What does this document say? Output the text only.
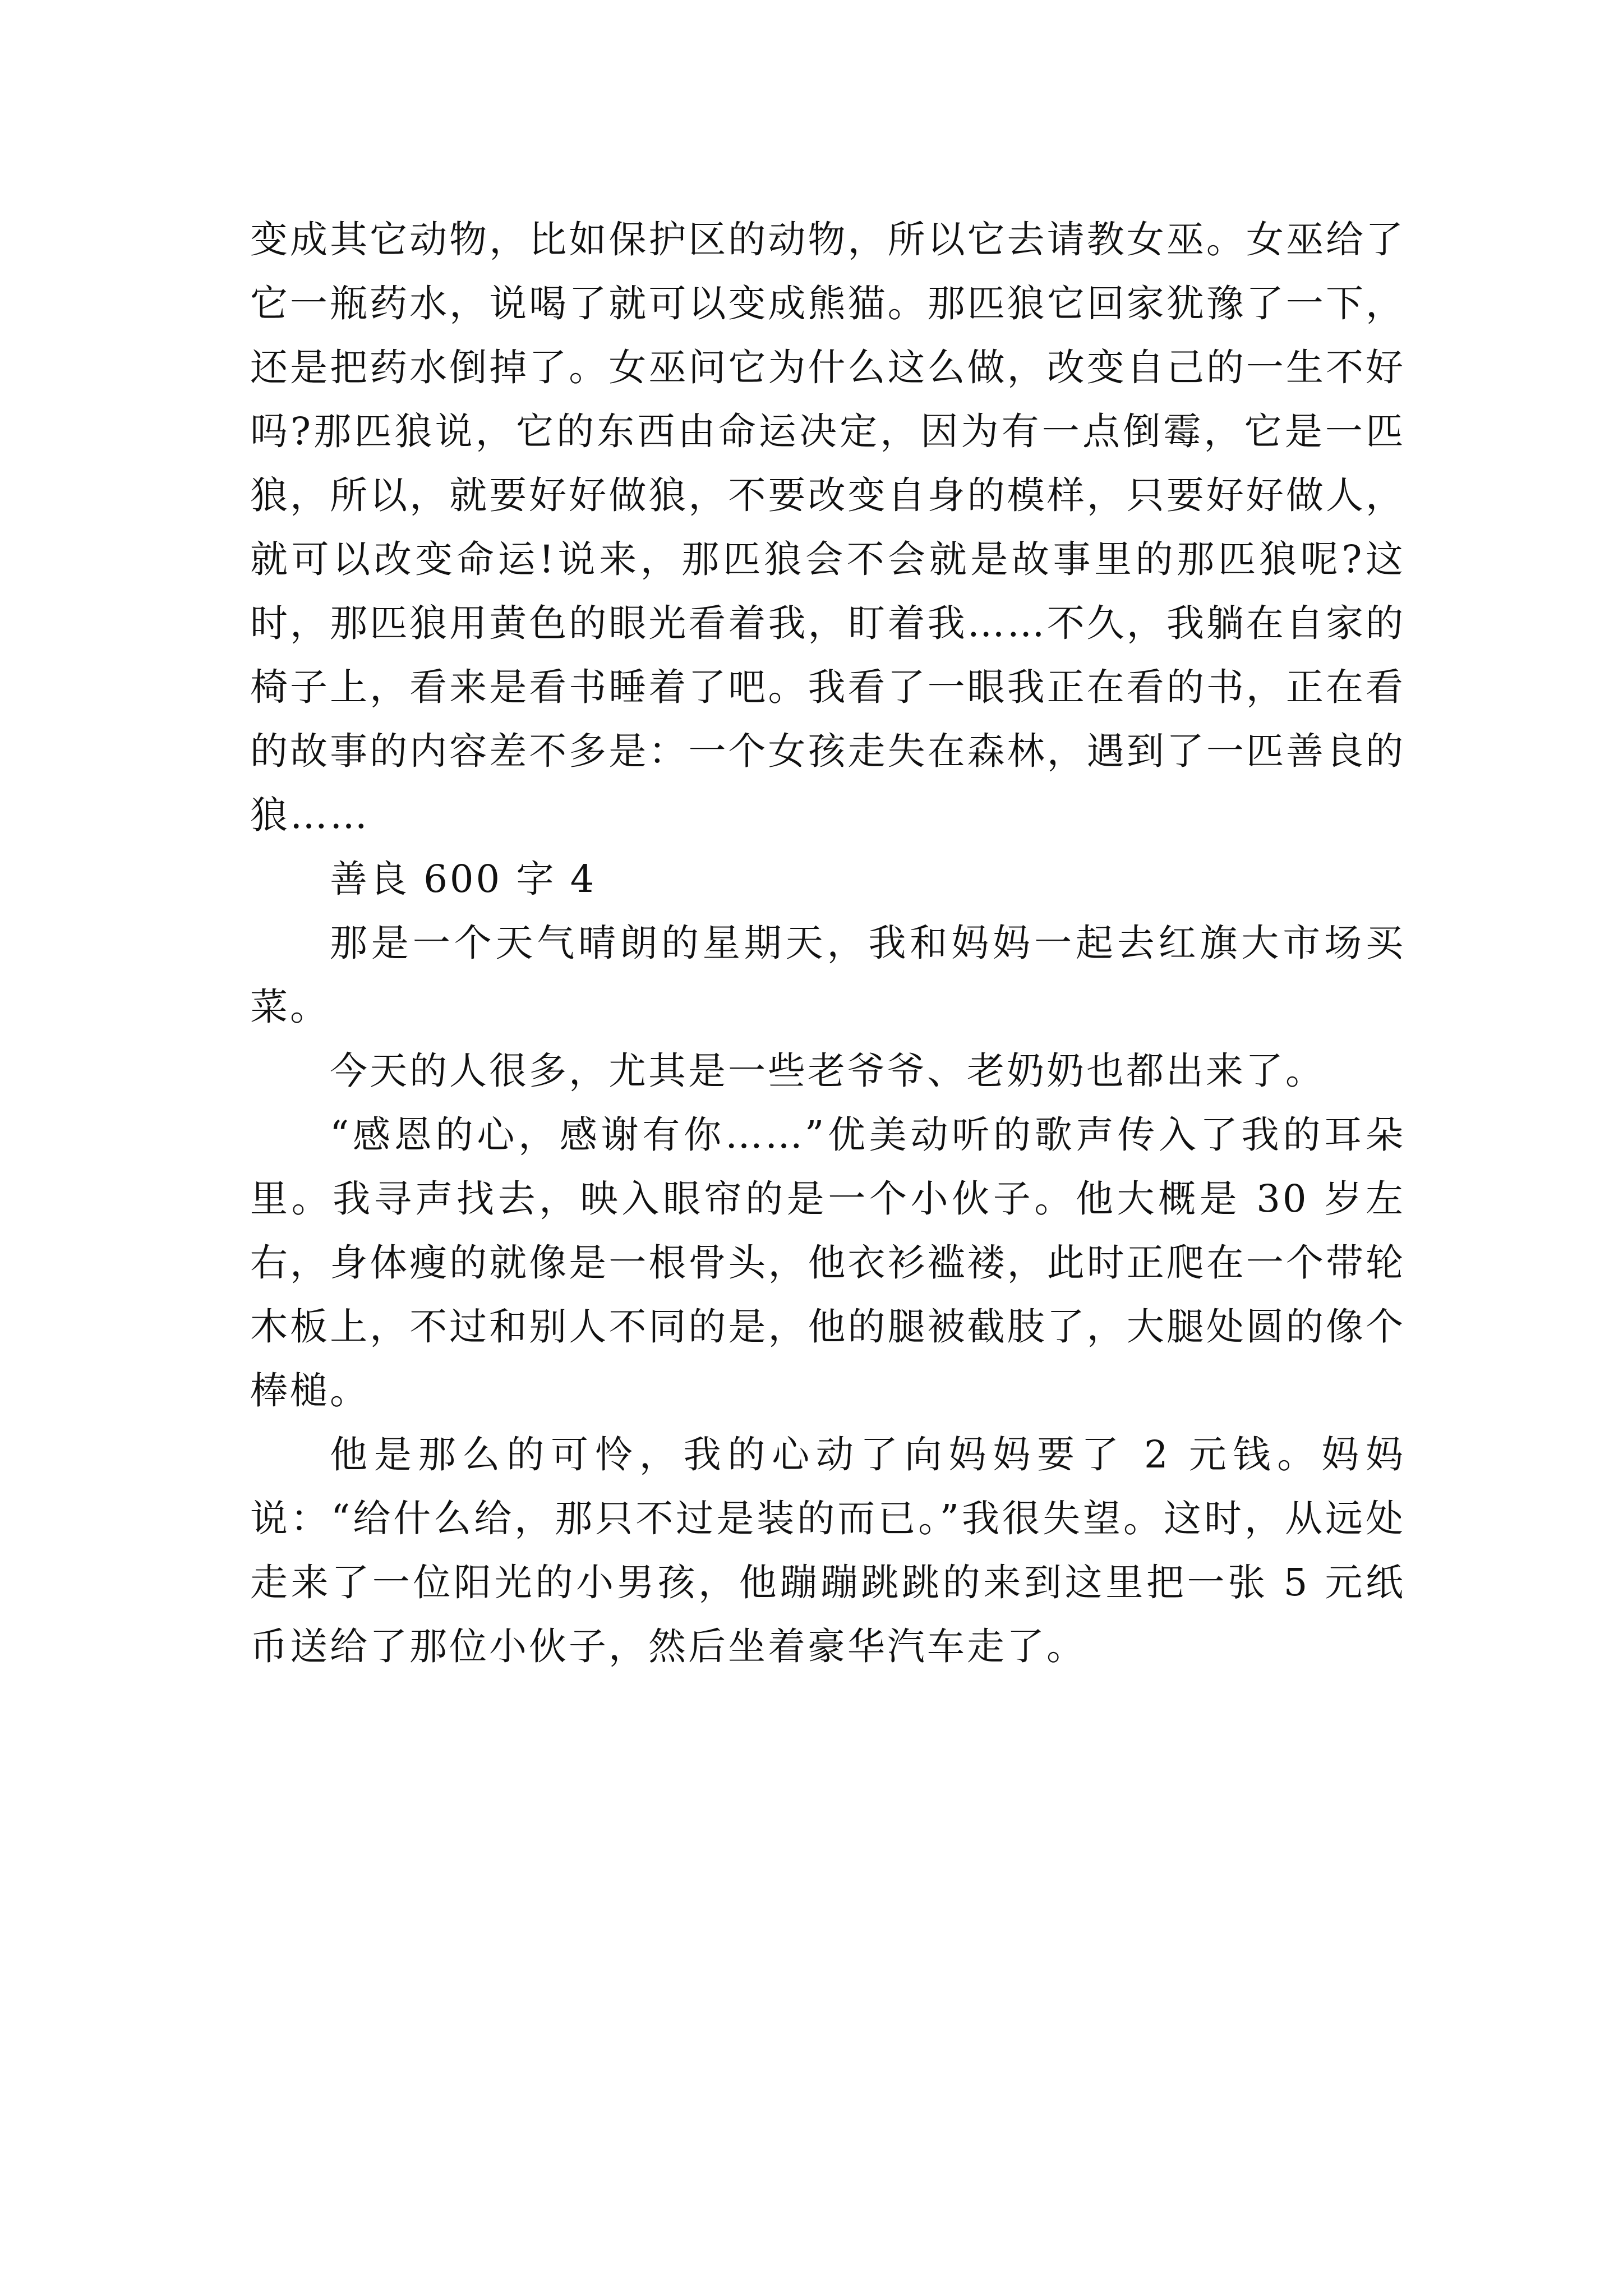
变成其它动物，比如保护区的动物，所以它去请教女巫。女巫给了它一瓶药水，说喝了就可以变成熊猫。那匹狼它回家犹豫了一下，还是把药水倒掉了。女巫问它为什么这么做，改变自己的一生不好吗?那匹狼说，它的东西由命运决定，因为有一点倒霉，它是一匹狼，所以，就要好好做狼，不要改变自身的模样，只要好好做人，就可以改变命运!说来，那匹狼会不会就是故事里的那匹狼呢?这时，那匹狼用黄色的眼光看着我，盯着我……不久，我躺在自家的椅子上，看来是看书睡着了吧。我看了一眼我正在看的书，正在看的故事的内容差不多是：一个女孩走失在森林，遇到了一匹善良的狼……

善良 600 字 4

那是一个天气晴朗的星期天，我和妈妈一起去红旗大市场买菜。

今天的人很多，尤其是一些老爷爷、老奶奶也都出来了。

“感恩的心，感谢有你……”优美动听的歌声传入了我的耳朵里。我寻声找去，映入眼帘的是一个小伙子。他大概是 30 岁左右，身体瘦的就像是一根骨头，他衣衫褴褛，此时正爬在一个带轮木板上，不过和别人不同的是，他的腿被截肢了，大腿处圆的像个棒槌。

他是那么的可怜，我的心动了向妈妈要了 2 元钱。妈妈说：“给什么给，那只不过是装的而已。”我很失望。这时，从远处走来了一位阳光的小男孩，他蹦蹦跳跳的来到这里把一张 5 元纸币送给了那位小伙子，然后坐着豪华汽车走了。
